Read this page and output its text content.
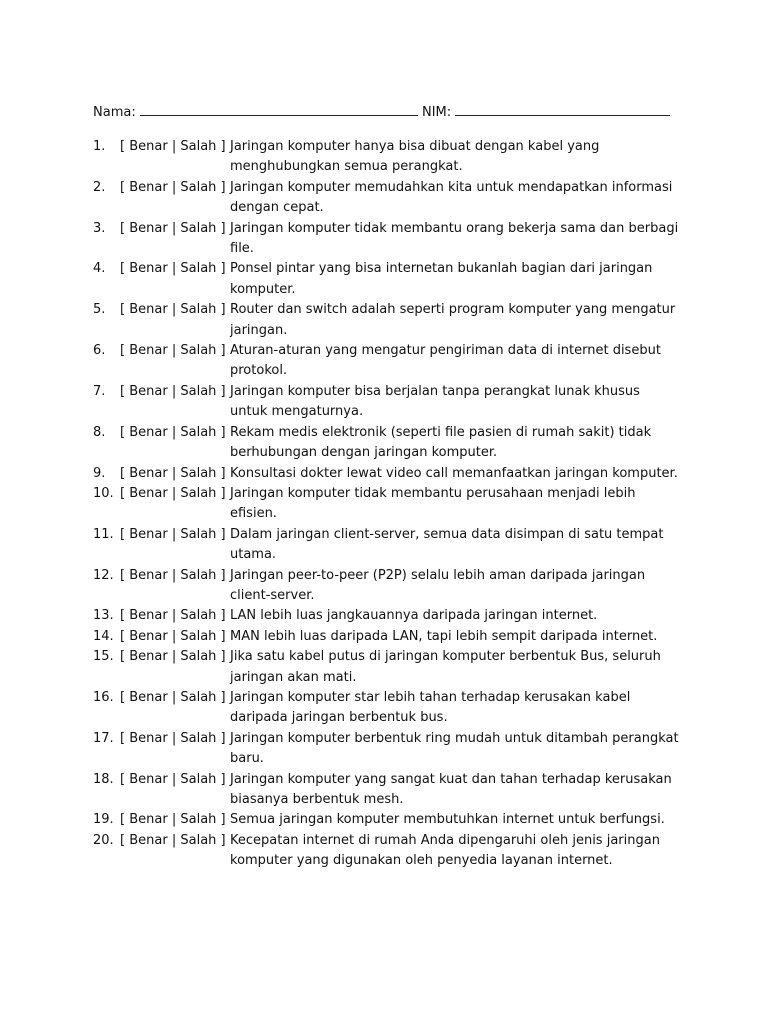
Nama:	NIM:
1.	[ Benar | Salah ] Jaringan komputer hanya bisa dibuat dengan kabel yang menghubungkan semua perangkat.
2.	[ Benar | Salah ] Jaringan komputer memudahkan kita untuk mendapatkan informasi dengan cepat.
3.	[ Benar | Salah ] Jaringan komputer tidak membantu orang bekerja sama dan berbagi file.
4.	[ Benar | Salah ] Ponsel pintar yang bisa internetan bukanlah bagian dari jaringan komputer.
5.	[ Benar | Salah ] Router dan switch adalah seperti program komputer yang mengatur jaringan.
6.	[ Benar | Salah ] Aturan-aturan yang mengatur pengiriman data di internet disebut protokol.
7.	[ Benar | Salah ] Jaringan komputer bisa berjalan tanpa perangkat lunak khusus untuk mengaturnya.
8.	[ Benar | Salah ] Rekam medis elektronik (seperti file pasien di rumah sakit) tidak berhubungan dengan jaringan komputer.
9.	[ Benar | Salah ] Konsultasi dokter lewat video call memanfaatkan jaringan komputer.
10. [ Benar | Salah ] Jaringan komputer tidak membantu perusahaan menjadi lebih efisien.
11. [ Benar | Salah ] Dalam jaringan client-server, semua data disimpan di satu tempat utama.
12. [ Benar | Salah ] Jaringan peer-to-peer (P2P) selalu lebih aman daripada jaringan client-server.
13. [ Benar | Salah ] LAN lebih luas jangkauannya daripada jaringan internet.
14. [ Benar | Salah ] MAN lebih luas daripada LAN, tapi lebih sempit daripada internet.
15. [ Benar | Salah ] Jika satu kabel putus di jaringan komputer berbentuk Bus, seluruh jaringan akan mati.
16. [ Benar | Salah ] Jaringan komputer star lebih tahan terhadap kerusakan kabel daripada jaringan berbentuk bus.
17. [ Benar | Salah ] Jaringan komputer berbentuk ring mudah untuk ditambah perangkat baru.
18. [ Benar | Salah ] Jaringan komputer yang sangat kuat dan tahan terhadap kerusakan biasanya berbentuk mesh.
19. [ Benar | Salah ] Semua jaringan komputer membutuhkan internet untuk berfungsi.
20. [ Benar | Salah ] Kecepatan internet di rumah Anda dipengaruhi oleh jenis jaringan komputer yang digunakan oleh penyedia layanan internet.
